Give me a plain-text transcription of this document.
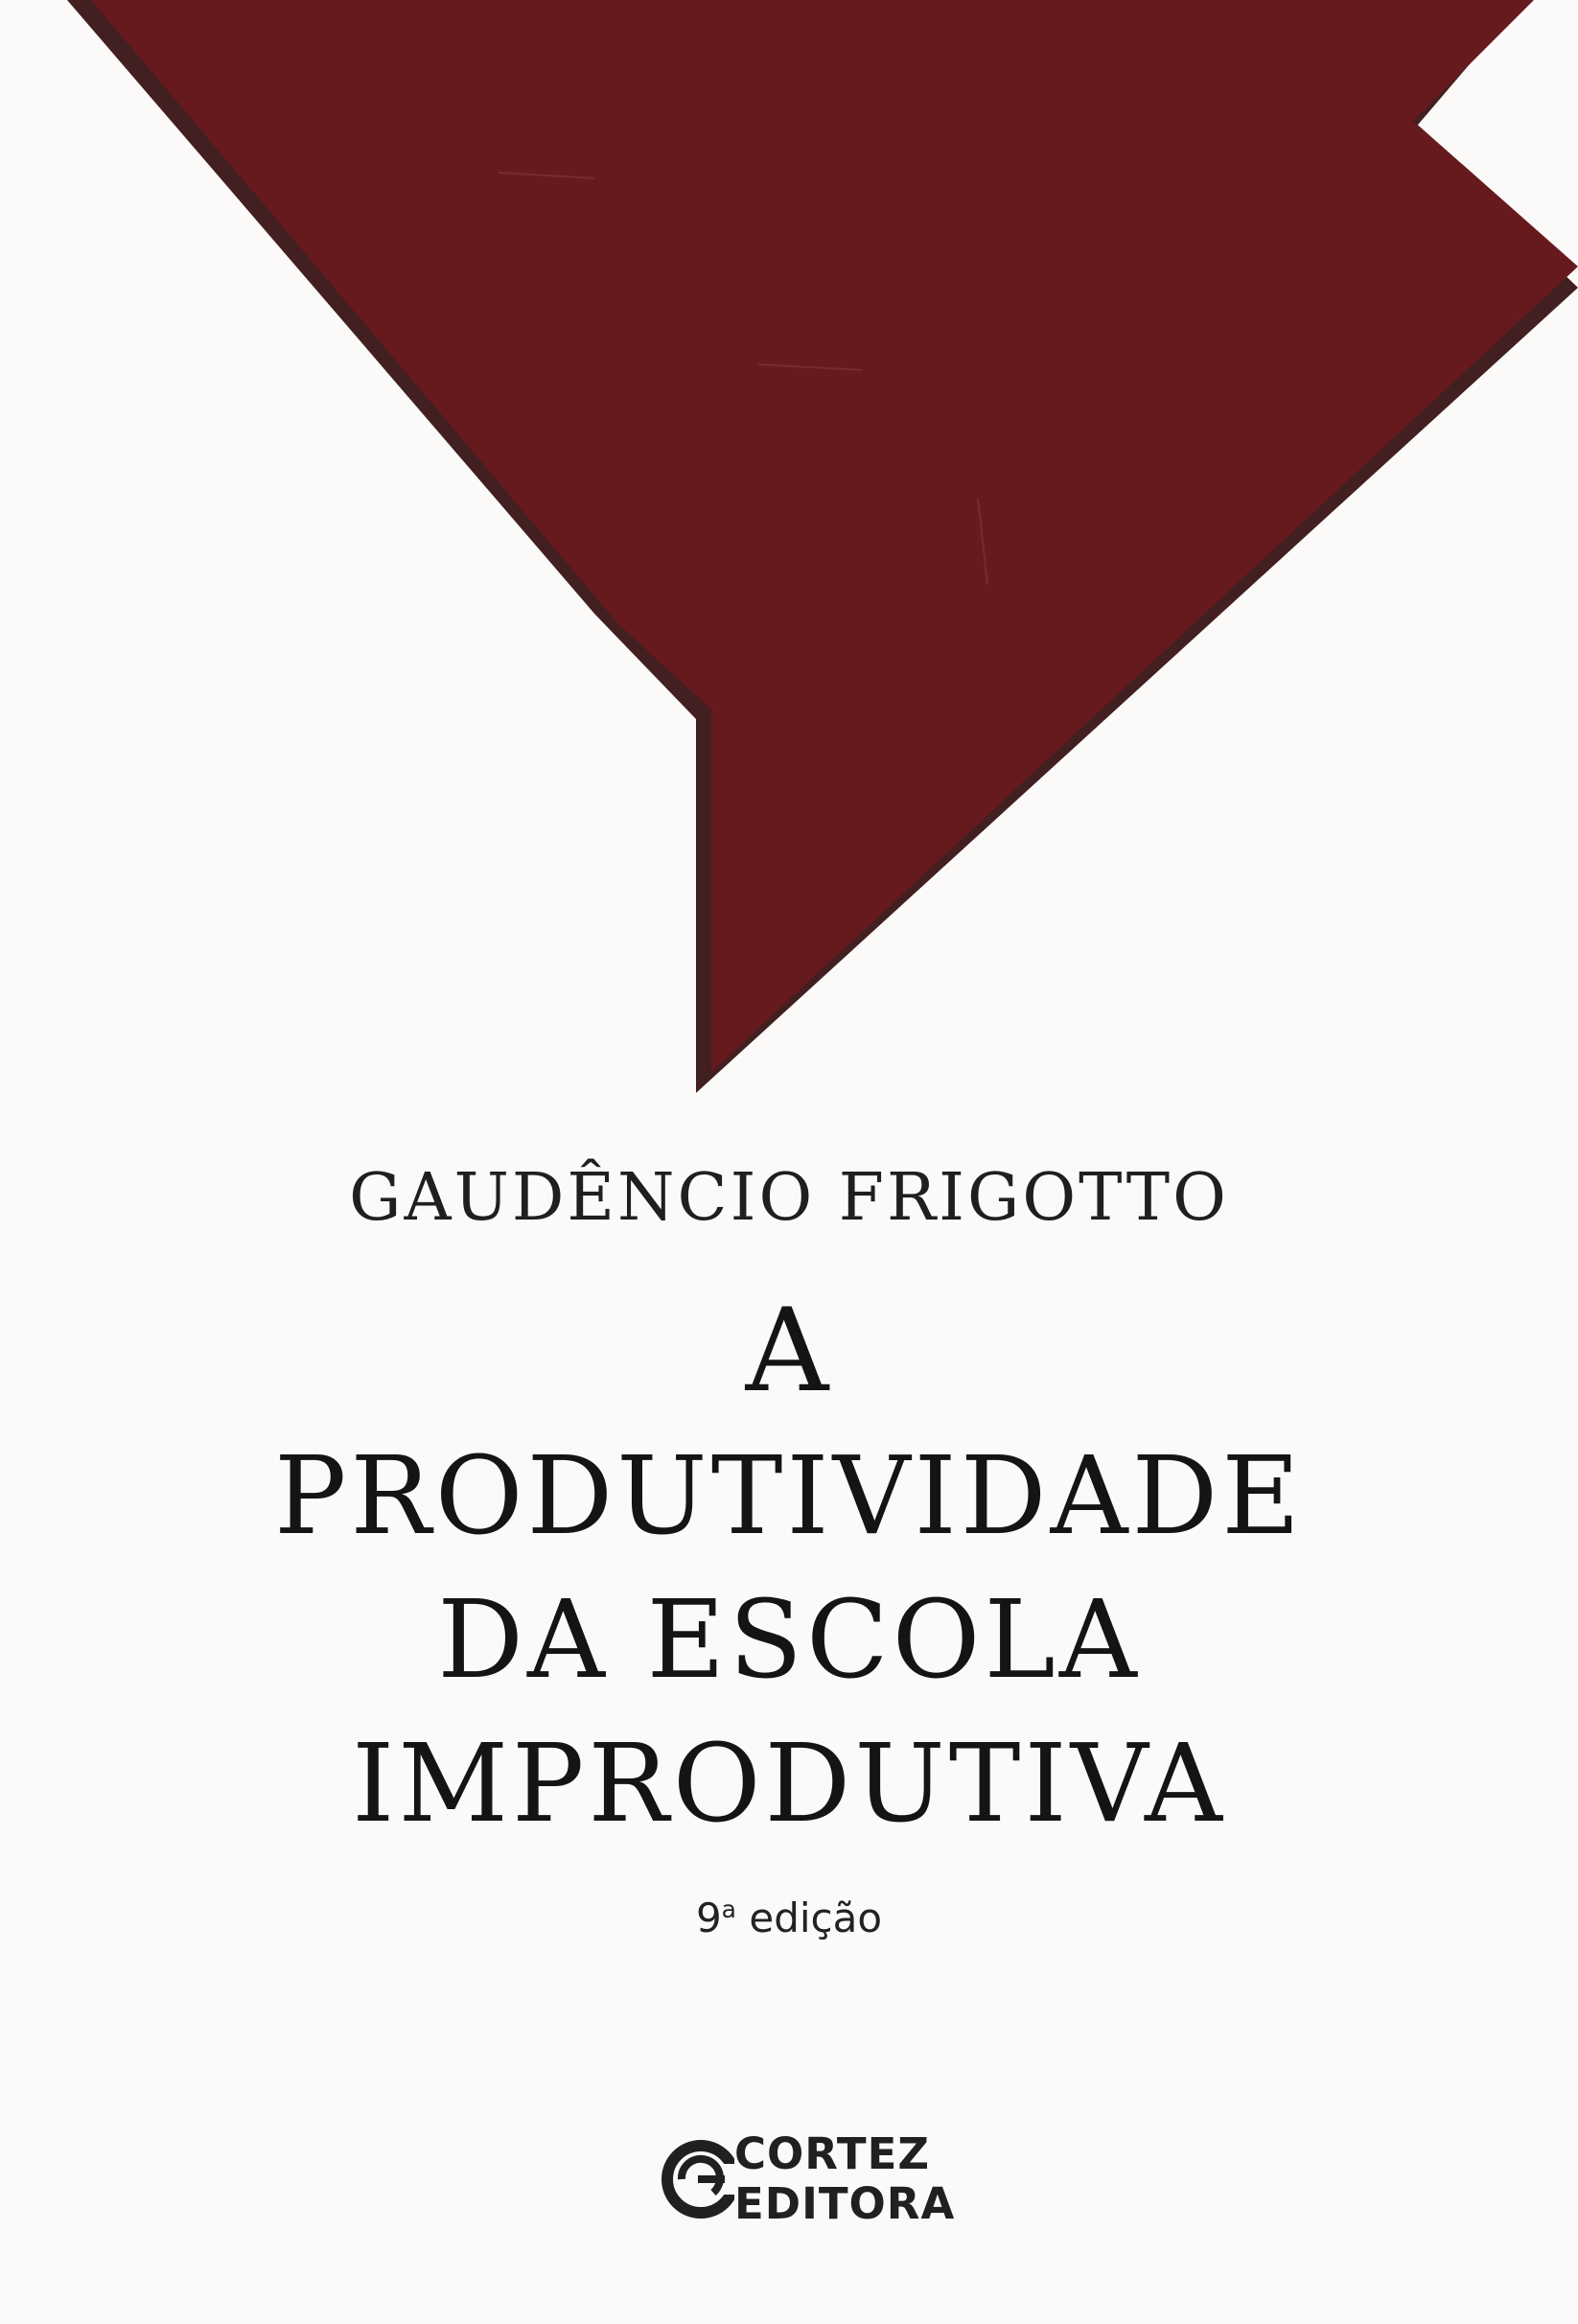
GAUDÊNCIO FRIGOTTO
A
PRODUTIVIDADE
DA ESCOLA
IMPRODUTIVA
9$^a$ edição
CORTEZ
EDITORA
